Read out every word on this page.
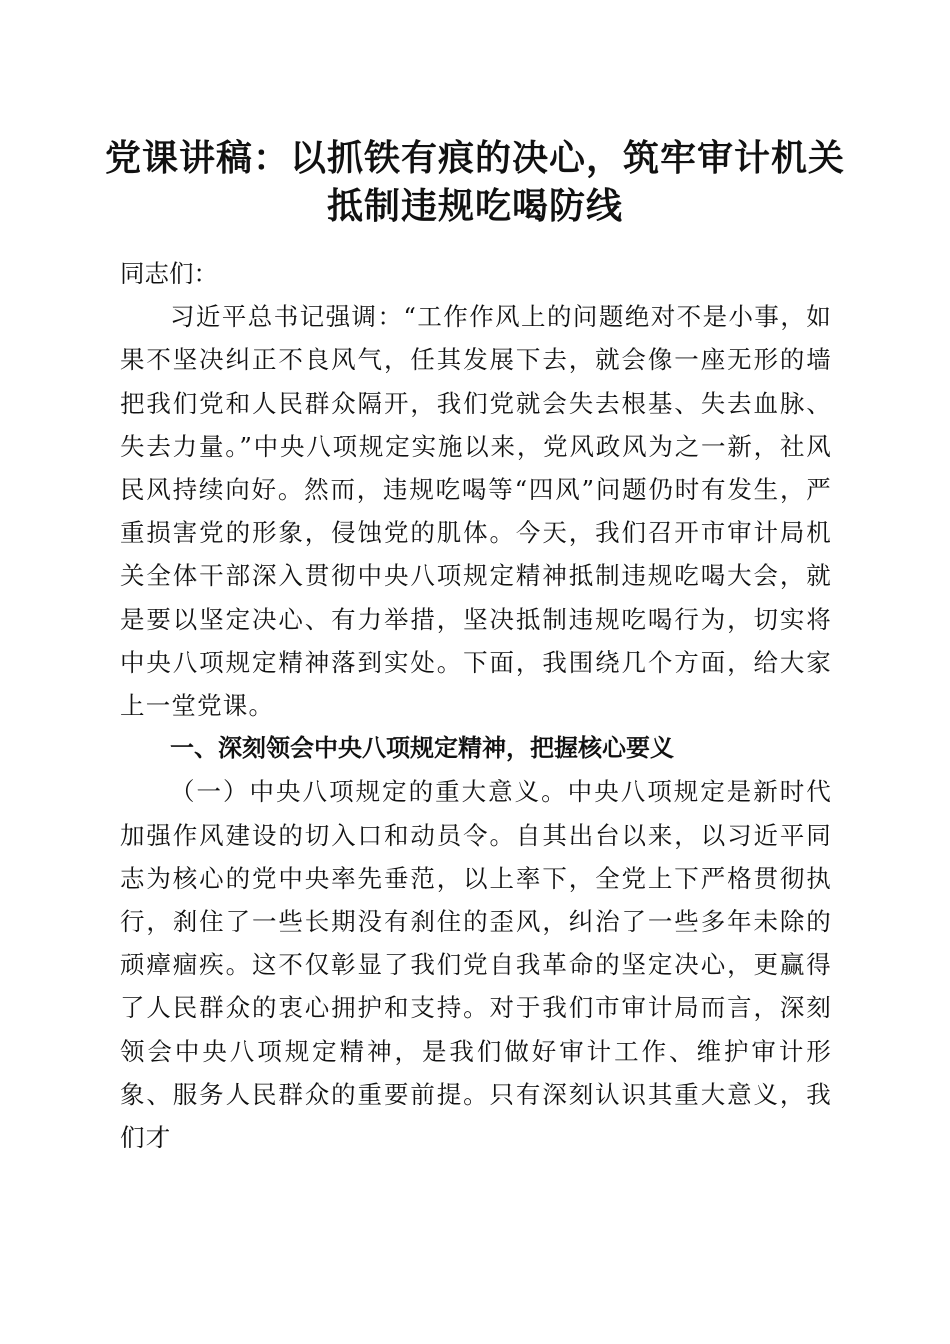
党课讲稿：以抓铁有痕的决心，筑牢审计机关
抵制违规吃喝防线

同志们：

习近平总书记强调：“工作作风上的问题绝对不是小事，如果不坚决纠正不良风气，任其发展下去，就会像一座无形的墙把我们党和人民群众隔开，我们党就会失去根基、失去血脉、失去力量。”中央八项规定实施以来，党风政风为之一新，社风民风持续向好。然而，违规吃喝等“四风”问题仍时有发生，严重损害党的形象，侵蚀党的肌体。今天，我们召开市审计局机关全体干部深入贯彻中央八项规定精神抵制违规吃喝大会，就是要以坚定决心、有力举措，坚决抵制违规吃喝行为，切实将中央八项规定精神落到实处。下面，我围绕几个方面，给大家上一堂党课。

一、深刻领会中央八项规定精神，把握核心要义

（一）中央八项规定的重大意义。中央八项规定是新时代加强作风建设的切入口和动员令。自其出台以来，以习近平同志为核心的党中央率先垂范，以上率下，全党上下严格贯彻执行，刹住了一些长期没有刹住的歪风，纠治了一些多年未除的顽瘴痼疾。这不仅彰显了我们党自我革命的坚定决心，更赢得了人民群众的衷心拥护和支持。对于我们市审计局而言，深刻领会中央八项规定精神，是我们做好审计工作、维护审计形象、服务人民群众的重要前提。只有深刻认识其重大意义，我们才
